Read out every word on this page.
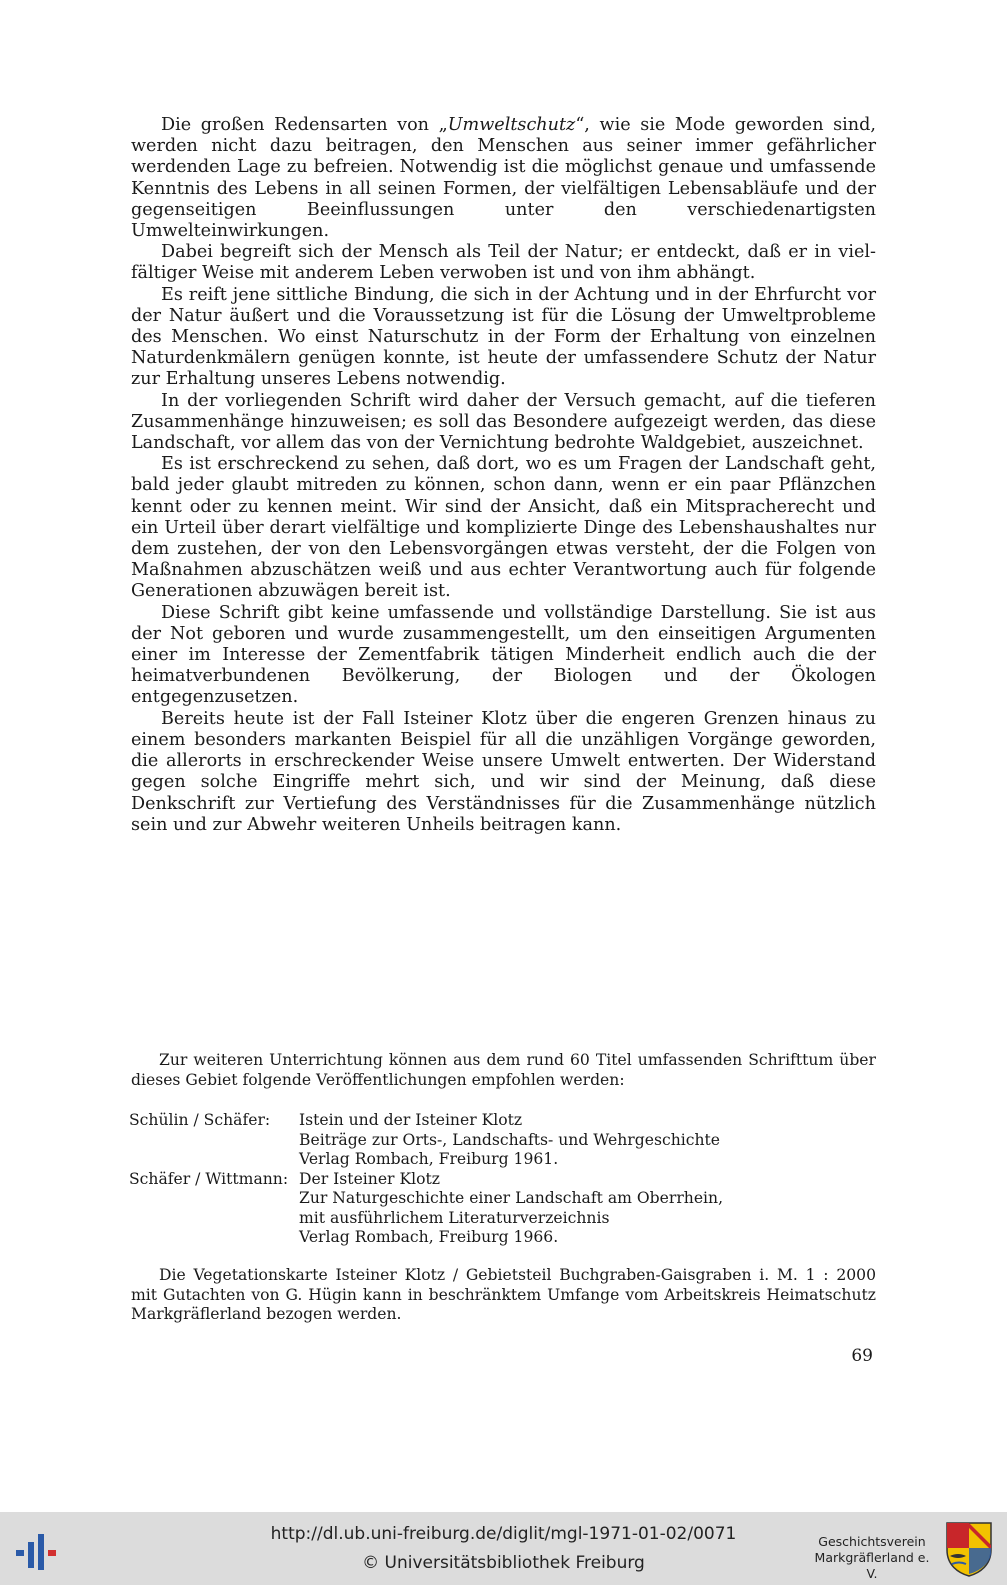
Die großen Redensarten von „Umweltschutz“, wie sie Mode geworden sind, werden nicht dazu beitragen, den Menschen aus seiner immer gefährlicher werdenden Lage zu befreien. Notwendig ist die möglichst genaue und umfassende Kenntnis des Lebens in all seinen Formen, der vielfältigen Lebensabläufe und der gegenseitigen Beeinflussungen unter den verschiedenartigsten Umwelteinwirkungen.

Dabei begreift sich der Mensch als Teil der Natur; er entdeckt, daß er in vielfältiger Weise mit anderem Leben verwoben ist und von ihm abhängt.

Es reift jene sittliche Bindung, die sich in der Achtung und in der Ehrfurcht vor der Natur äußert und die Voraussetzung ist für die Lösung der Umweltprobleme des Menschen. Wo einst Naturschutz in der Form der Erhaltung von einzelnen Naturdenkmälern genügen konnte, ist heute der umfassendere Schutz der Natur zur Erhaltung unseres Lebens notwendig.

In der vorliegenden Schrift wird daher der Versuch gemacht, auf die tieferen Zusammenhänge hinzuweisen; es soll das Besondere aufgezeigt werden, das diese Landschaft, vor allem das von der Vernichtung bedrohte Waldgebiet, auszeichnet.

Es ist erschreckend zu sehen, daß dort, wo es um Fragen der Landschaft geht, bald jeder glaubt mitreden zu können, schon dann, wenn er ein paar Pflänzchen kennt oder zu kennen meint. Wir sind der Ansicht, daß ein Mitspracherecht und ein Urteil über derart vielfältige und komplizierte Dinge des Lebenshaushaltes nur dem zustehen, der von den Lebensvorgängen etwas versteht, der die Folgen von Maßnahmen abzuschätzen weiß und aus echter Verantwortung auch für folgende Generationen abzuwägen bereit ist.

Diese Schrift gibt keine umfassende und vollständige Darstellung. Sie ist aus der Not geboren und wurde zusammengestellt, um den einseitigen Argumenten einer im Interesse der Zementfabrik tätigen Minderheit endlich auch die der heimatverbundenen Bevölkerung, der Biologen und der Ökologen entgegenzusetzen.

Bereits heute ist der Fall Isteiner Klotz über die engeren Grenzen hinaus zu einem besonders markanten Beispiel für all die unzähligen Vorgänge geworden, die allerorts in erschreckender Weise unsere Umwelt entwerten. Der Widerstand gegen solche Eingriffe mehrt sich, und wir sind der Meinung, daß diese Denkschrift zur Vertiefung des Verständnisses für die Zusammenhänge nützlich sein und zur Abwehr weiteren Unheils beitragen kann.

Zur weiteren Unterrichtung können aus dem rund 60 Titel umfassenden Schrifttum über dieses Gebiet folgende Veröffentlichungen empfohlen werden:

Schülin / Schäfer:	Istein und der Isteiner Klotz
Beiträge zur Orts-, Landschafts- und Wehrgeschichte
Verlag Rombach, Freiburg 1961.
Schäfer / Wittmann: Der Isteiner Klotz
Zur Naturgeschichte einer Landschaft am Oberrhein,
mit ausführlichem Literaturverzeichnis
Verlag Rombach, Freiburg 1966.

Die Vegetationskarte Isteiner Klotz / Gebietsteil Buchgraben-Gaisgraben i. M. 1 : 2000 mit Gutachten von G. Hügin kann in beschränktem Umfange vom Arbeitskreis Heimatschutz Markgräflerland bezogen werden.

69
http://dl.ub.uni-freiburg.de/diglit/mgl-1971-01-02/0071
© Universitätsbibliothek Freiburg
Geschichtsverein
Markgräflerland e. V.
